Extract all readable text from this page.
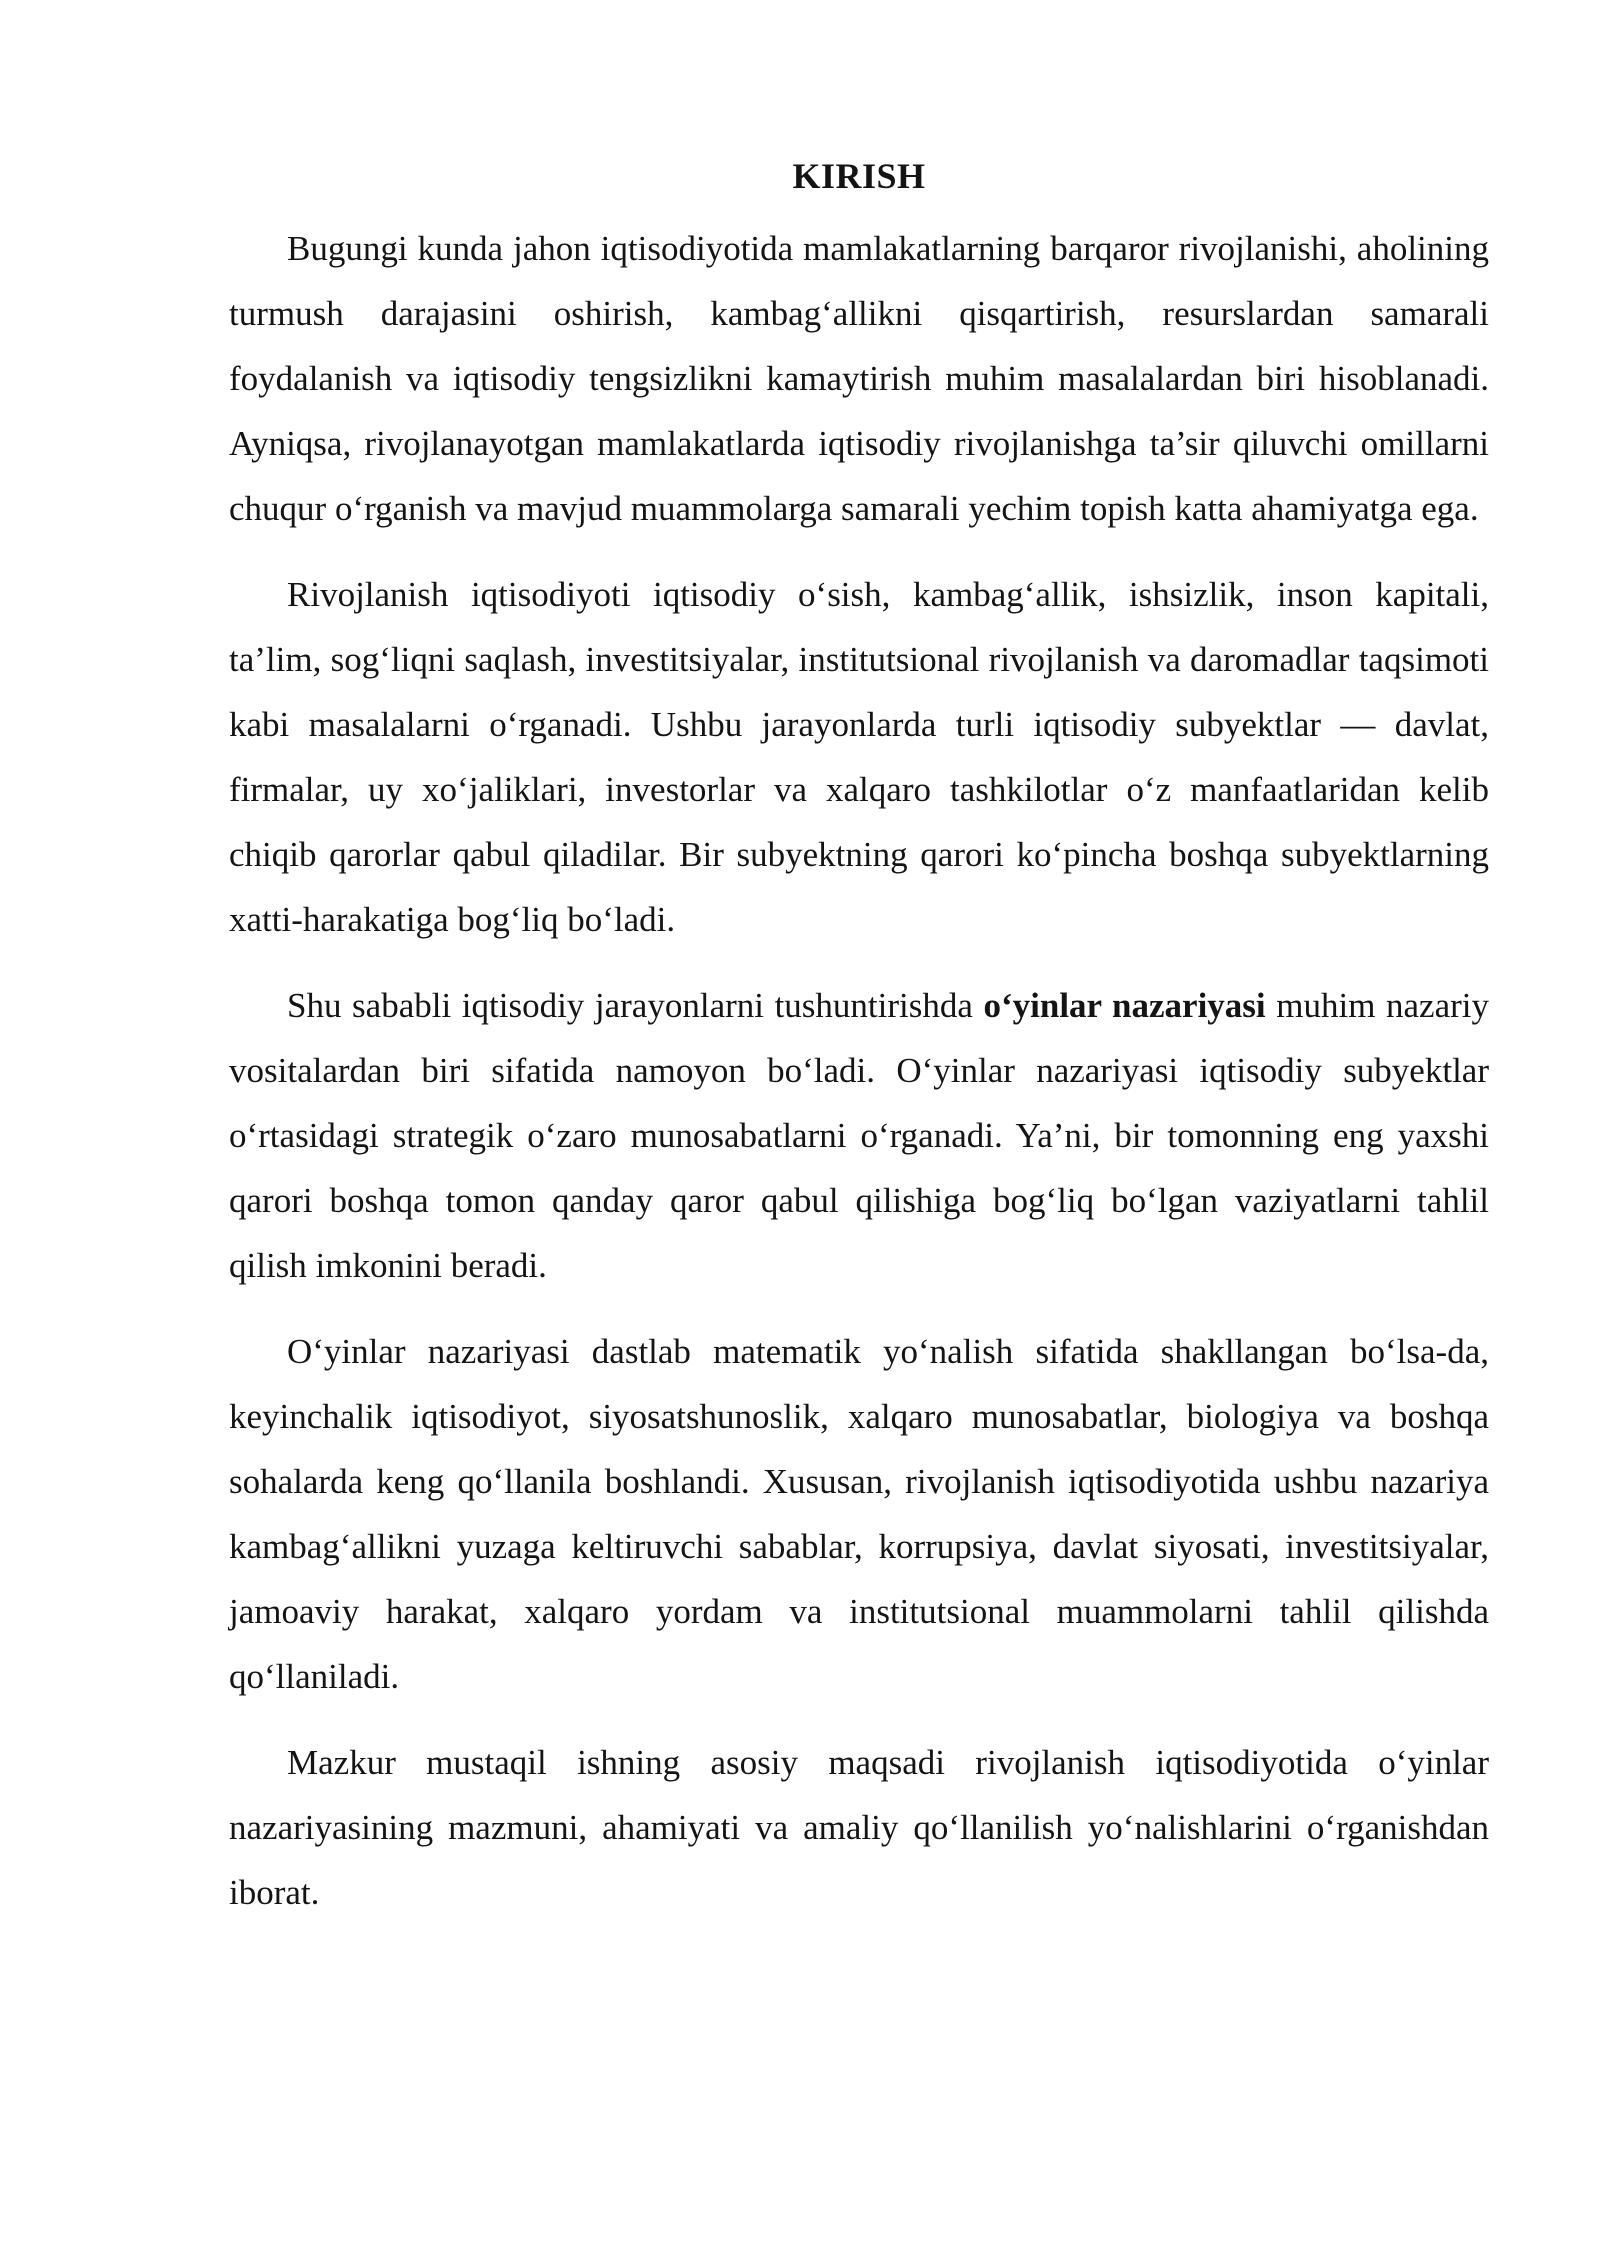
KIRISH

Bugungi kunda jahon iqtisodiyotida mamlakatlarning barqaror rivojlanishi, aholining turmush darajasini oshirish, kambag‘allikni qisqartirish, resurslardan samarali foydalanish va iqtisodiy tengsizlikni kamaytirish muhim masalalardan biri hisoblanadi. Ayniqsa, rivojlanayotgan mamlakatlarda iqtisodiy rivojlanishga ta’sir qiluvchi omillarni chuqur o‘rganish va mavjud muammolarga samarali yechim topish katta ahamiyatga ega.

Rivojlanish iqtisodiyoti iqtisodiy o‘sish, kambag‘allik, ishsizlik, inson kapitali, ta’lim, sog‘liqni saqlash, investitsiyalar, institutsional rivojlanish va daromadlar taqsimoti kabi masalalarni o‘rganadi. Ushbu jarayonlarda turli iqtisodiy subyektlar — davlat, firmalar, uy xo‘jaliklari, investorlar va xalqaro tashkilotlar o‘z manfaatlaridan kelib chiqib qarorlar qabul qiladilar. Bir subyektning qarori ko‘pincha boshqa subyektlarning xatti-harakatiga bog‘liq bo‘ladi.

Shu sababli iqtisodiy jarayonlarni tushuntirishda o‘yinlar nazariyasi muhim nazariy vositalardan biri sifatida namoyon bo‘ladi. O‘yinlar nazariyasi iqtisodiy subyektlar o‘rtasidagi strategik o‘zaro munosabatlarni o‘rganadi. Ya’ni, bir tomonning eng yaxshi qarori boshqa tomon qanday qaror qabul qilishiga bog‘liq bo‘lgan vaziyatlarni tahlil qilish imkonini beradi.

O‘yinlar nazariyasi dastlab matematik yo‘nalish sifatida shakllangan bo‘lsa-da, keyinchalik iqtisodiyot, siyosatshunoslik, xalqaro munosabatlar, biologiya va boshqa sohalarda keng qo‘llanila boshlandi. Xususan, rivojlanish iqtisodiyotida ushbu nazariya kambag‘allikni yuzaga keltiruvchi sabablar, korrupsiya, davlat siyosati, investitsiyalar, jamoaviy harakat, xalqaro yordam va institutsional muammolarni tahlil qilishda qo‘llaniladi.

Mazkur mustaqil ishning asosiy maqsadi rivojlanish iqtisodiyotida o‘yinlar nazariyasining mazmuni, ahamiyati va amaliy qo‘llanilish yo‘nalishlarini o‘rganishdan iborat.
